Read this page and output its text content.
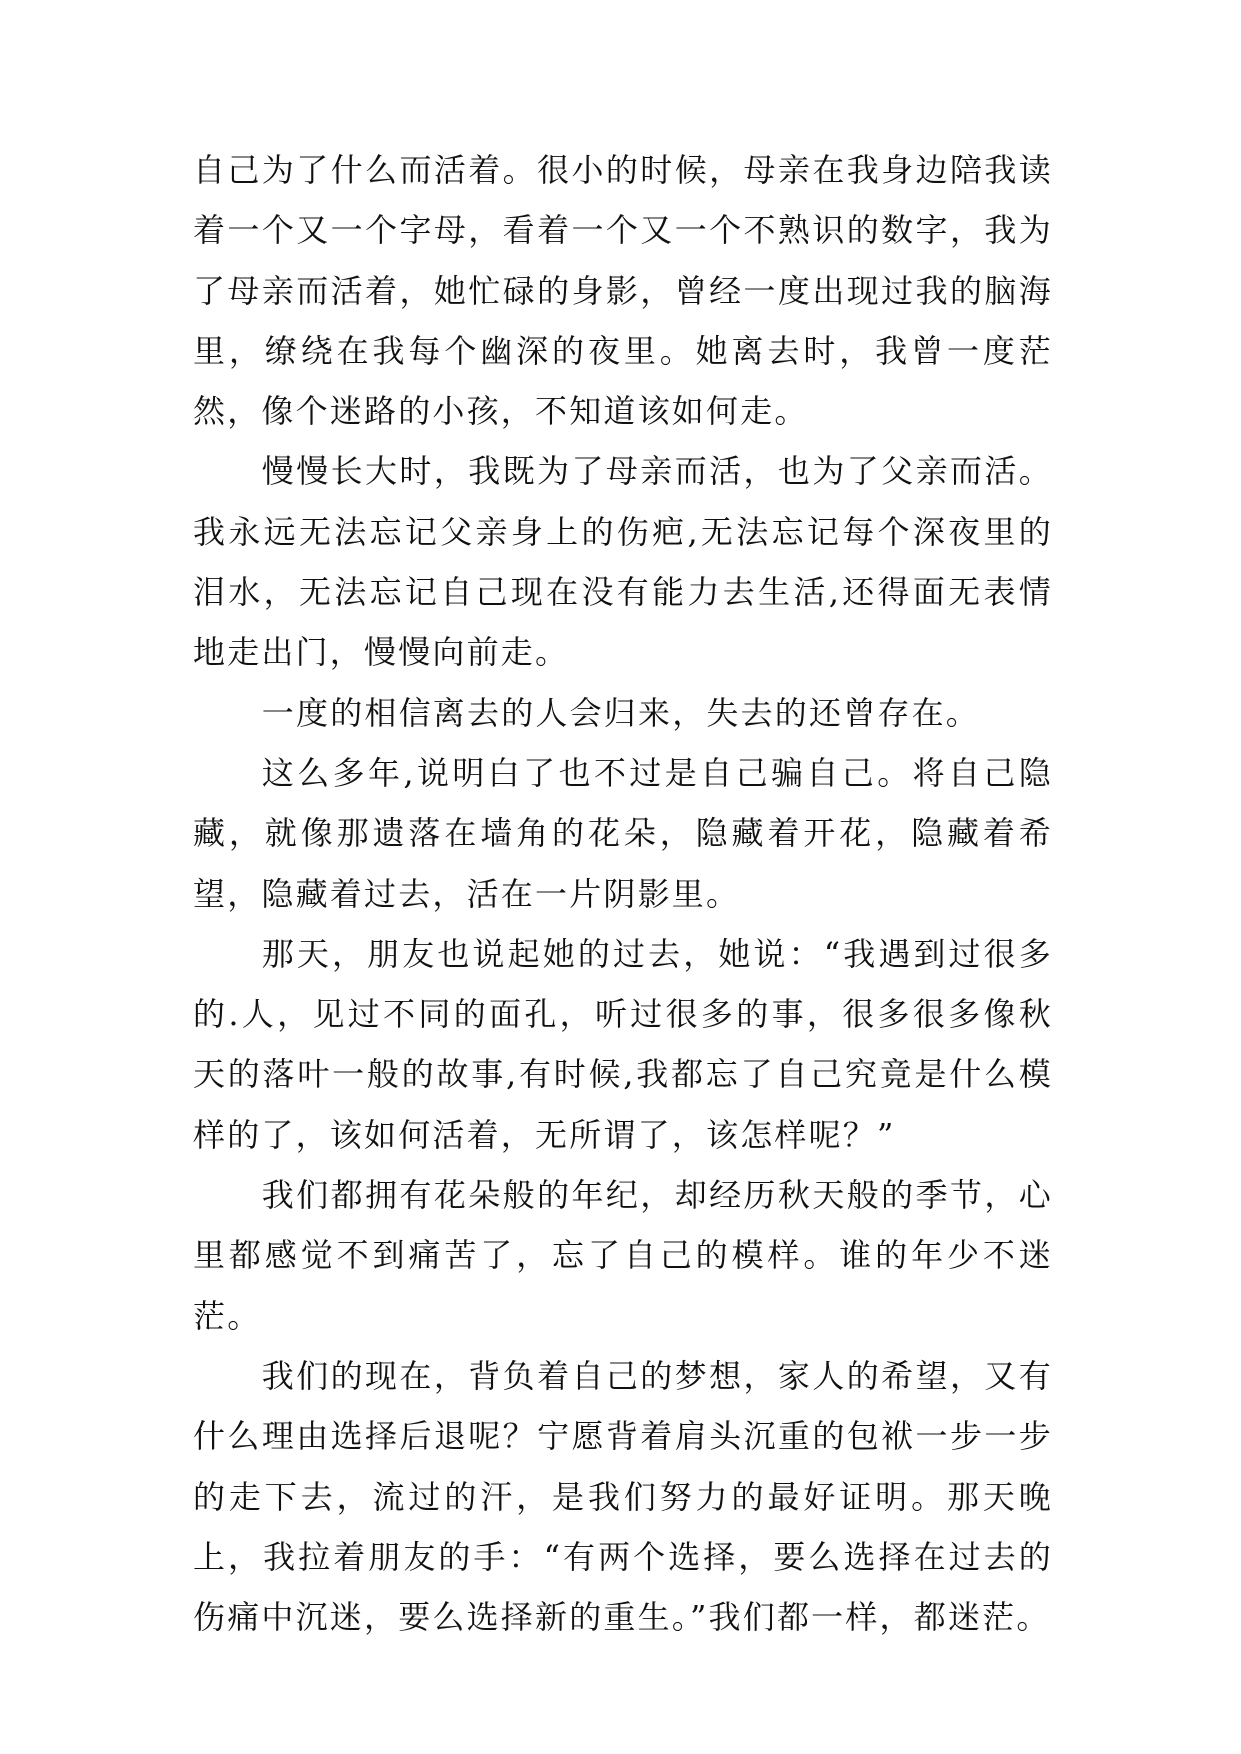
自己为了什么而活着。很小的时候，母亲在我身边陪我读着一个又一个字母，看着一个又一个不熟识的数字，我为了母亲而活着，她忙碌的身影，曾经一度出现过我的脑海里，缭绕在我每个幽深的夜里。她离去时，我曾一度茫然，像个迷路的小孩，不知道该如何走。

慢慢长大时，我既为了母亲而活，也为了父亲而活。我永远无法忘记父亲身上的伤疤,无法忘记每个深夜里的泪水，无法忘记自己现在没有能力去生活,还得面无表情地走出门，慢慢向前走。

一度的相信离去的人会归来，失去的还曾存在。

这么多年,说明白了也不过是自己骗自己。将自己隐藏，就像那遗落在墙角的花朵，隐藏着开花，隐藏着希望，隐藏着过去，活在一片阴影里。

那天，朋友也说起她的过去，她说：“我遇到过很多的.人，见过不同的面孔，听过很多的事，很多很多像秋天的落叶一般的故事,有时候,我都忘了自己究竟是什么模样的了，该如何活着，无所谓了，该怎样呢？”

我们都拥有花朵般的年纪，却经历秋天般的季节，心里都感觉不到痛苦了，忘了自己的模样。谁的年少不迷茫。

我们的现在，背负着自己的梦想，家人的希望，又有什么理由选择后退呢？宁愿背着肩头沉重的包袱一步一步的走下去，流过的汗，是我们努力的最好证明。那天晚上，我拉着朋友的手：“有两个选择，要么选择在过去的伤痛中沉迷，要么选择新的重生。”我们都一样，都迷茫。
